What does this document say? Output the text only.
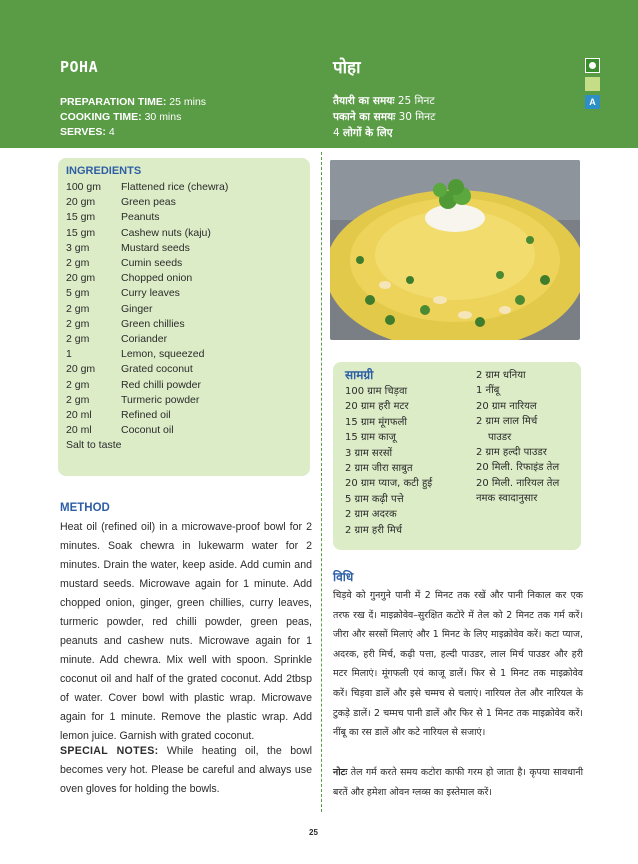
POHA	पोहा
PREPARATION TIME: 25 mins
COOKING TIME: 30 mins
SERVES: 4
तैयारी का समयः 25 मिनट
पकाने का समयः 30 मिनट
4 लोगों के लिए
A
INGREDIENTS
100 gm	Flattened rice (chewra)
20 gm	Green peas
15 gm	Peanuts
15 gm	Cashew nuts (kaju)
3 gm	Mustard seeds
2 gm	Cumin seeds
20 gm	Chopped onion
5 gm	Curry leaves
2 gm	Ginger
2 gm	Green chillies
2 gm	Coriander
1	Lemon, squeezed
20 gm	Grated coconut
2 gm	Red chilli powder
2 gm	Turmeric powder
20 ml	Refined oil
20 ml	Coconut oil
Salt to taste
सामग्री
100 ग्राम चिड़वा
20 ग्राम हरी मटर
15 ग्राम मूंगफली
15 ग्राम काजू
3 ग्राम सरसों
2 ग्राम जीरा साबुत
20 ग्राम प्याज, कटी हुई
5 ग्राम कढ़ी पत्ते
2 ग्राम अदरक
2 ग्राम हरी मिर्च
2 ग्राम धनिया
1 नींबू
20 ग्राम नारियल
2 ग्राम लाल मिर्च
पाउडर
2 ग्राम हल्दी पाउडर
20 मिली. रिफाइंड तेल
20 मिली. नारियल तेल
नमक स्वादानुसार
METHOD
Heat oil (refined oil) in a microwave-proof bowl for 2 minutes. Soak chewra in lukewarm water for 2 minutes. Drain the water, keep aside. Add cumin and mustard seeds. Microwave again for 1 minute. Add chopped onion, ginger, green chillies, curry leaves, turmeric powder, red chilli powder, green peas, peanuts and cashew nuts. Microwave again for 1 minute. Add chewra. Mix well with spoon. Sprinkle coconut oil and half of the grated coconut. Add 2tbsp of water. Cover bowl with plastic wrap. Microwave again for 1 minute. Remove the plastic wrap. Add lemon juice. Garnish with grated coconut.
SPECIAL NOTES: While heating oil, the bowl becomes very hot. Please be careful and always use oven gloves for holding the bowls.
विधि
चिड़वे को गुनगुने पानी में 2 मिनट तक रखें और पानी निकाल कर एक तरफ रख दें। माइक्रोवेव–सुरक्षित कटोरे में तेल को 2 मिनट तक गर्म करें। जीरा और सरसों मिलाएं और 1 मिनट के लिए माइक्रोवेव करें। कटा प्याज, अदरक, हरी मिर्च, कढ़ी पत्ता, हल्दी पाउडर, लाल मिर्च पाउडर और हरी मटर मिलाएं। मूंगफली एवं काजू डालें। फिर से 1 मिनट तक माइक्रोवेव करें। चिड़वा डालें और इसे चम्मच से चलाएं। नारियल तेल और नारियल के टुकड़े डालें। 2 चम्मच पानी डालें और फिर से 1 मिनट तक माइक्रोवेव करें। नींबू का रस डालें और कटे नारियल से सजाएं।
नोटः तेल गर्म करते समय कटोरा काफी गरम हो जाता है। कृपया सावधानी बरतें और हमेशा ओवन ग्लव्स का इस्तेमाल करें।
25
